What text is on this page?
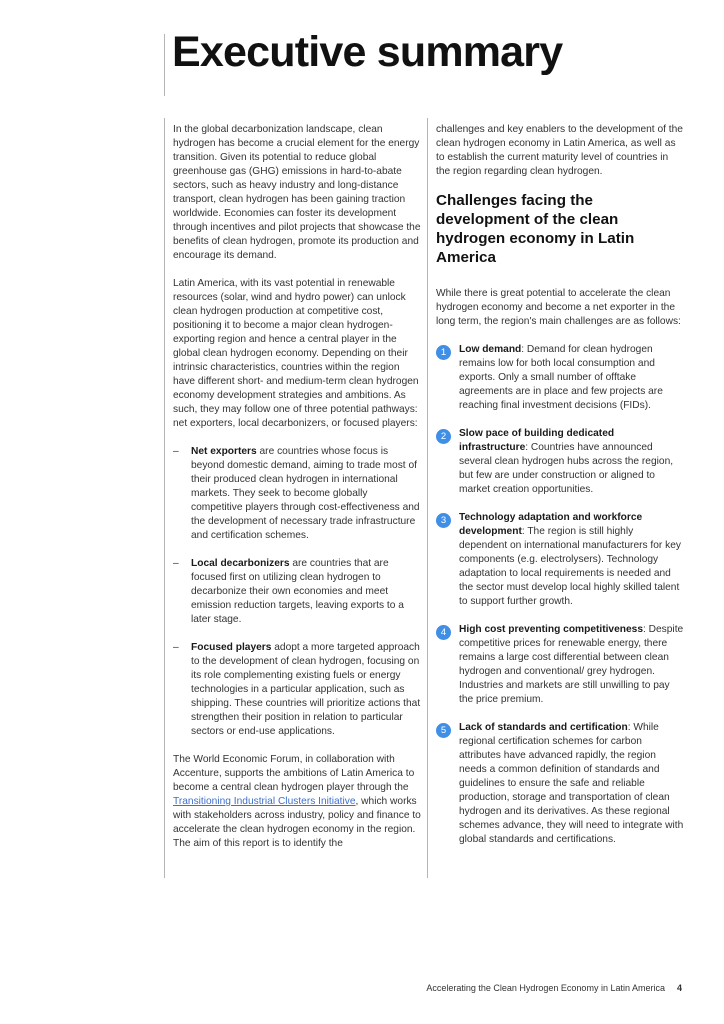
Executive summary

In the global decarbonization landscape, clean hydrogen has become a crucial element for the energy transition. Given its potential to reduce global greenhouse gas (GHG) emissions in hard-to-abate sectors, such as heavy industry and long-distance transport, clean hydrogen has been gaining traction worldwide. Economies can foster its development through incentives and pilot projects that showcase the benefits of clean hydrogen, promote its production and encourage its demand.

Latin America, with its vast potential in renewable resources (solar, wind and hydro power) can unlock clean hydrogen production at competitive cost, positioning it to become a major clean hydrogen-exporting region and hence a central player in the global clean hydrogen economy. Depending on their intrinsic characteristics, countries within the region have different short- and medium-term clean hydrogen economy development strategies and ambitions. As such, they may follow one of three potential pathways: net exporters, local decarbonizers, or focused players:

– Net exporters are countries whose focus is beyond domestic demand, aiming to trade most of their produced clean hydrogen in international markets. They seek to become globally competitive players through cost-effectiveness and the development of necessary trade infrastructure and certification schemes.
– Local decarbonizers are countries that are focused first on utilizing clean hydrogen to decarbonize their own economies and meet emission reduction targets, leaving exports to a later stage.
– Focused players adopt a more targeted approach to the development of clean hydrogen, focusing on its role complementing existing fuels or energy technologies in a particular application, such as shipping. These countries will prioritize actions that strengthen their position in relation to particular sectors or end-use applications.

The World Economic Forum, in collaboration with Accenture, supports the ambitions of Latin America to become a central clean hydrogen player through the Transitioning Industrial Clusters Initiative, which works with stakeholders across industry, policy and finance to accelerate the clean hydrogen economy in the region. The aim of this report is to identify the

challenges and key enablers to the development of the clean hydrogen economy in Latin America, as well as to establish the current maturity level of countries in the region regarding clean hydrogen.

Challenges facing the development of the clean hydrogen economy in Latin America

While there is great potential to accelerate the clean hydrogen economy and become a net exporter in the long term, the region's main challenges are as follows:

1	Low demand: Demand for clean hydrogen remains low for both local consumption and exports. Only a small number of offtake agreements are in place and few projects are reaching final investment decisions (FIDs).
2	Slow pace of building dedicated infrastructure: Countries have announced several clean hydrogen hubs across the region, but few are under construction or aligned to market creation opportunities.
3	Technology adaptation and workforce development: The region is still highly dependent on international manufacturers for key components (e.g. electrolysers). Technology adaptation to local requirements is needed and the sector must develop local highly skilled talent to support further growth.
4	High cost preventing competitiveness: Despite competitive prices for renewable energy, there remains a large cost differential between clean hydrogen and conventional/ grey hydrogen. Industries and markets are still unwilling to pay the price premium.
5	Lack of standards and certification: While regional certification schemes for carbon attributes have advanced rapidly, the region needs a common definition of standards and guidelines to ensure the safe and reliable production, storage and transportation of clean hydrogen and its derivatives. As these regional schemes advance, they will need to integrate with global standards and certifications.
Accelerating the Clean Hydrogen Economy in Latin America 4
